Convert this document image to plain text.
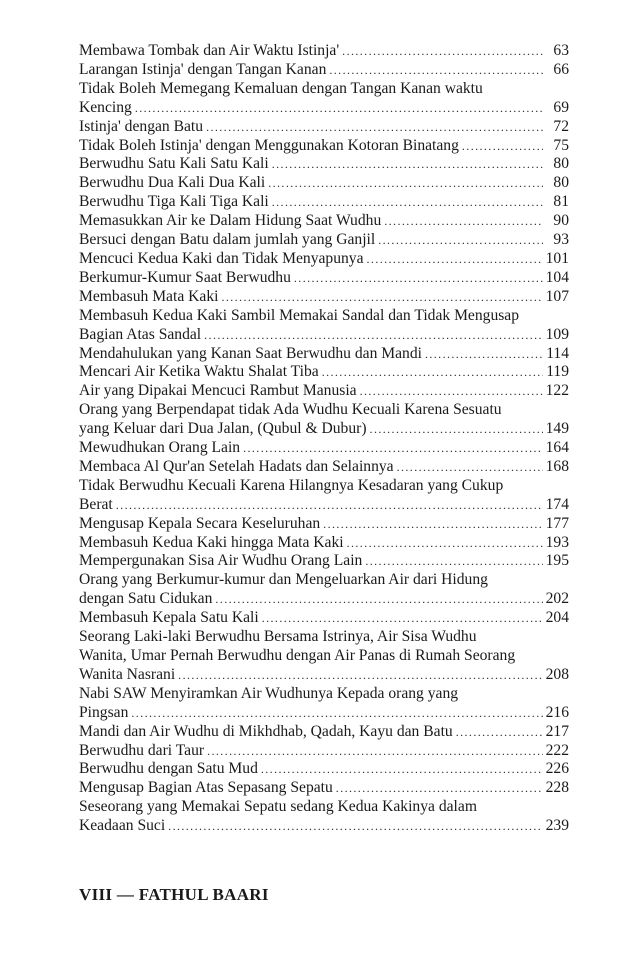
Membawa Tombak dan Air Waktu Istinja' .....	63
Larangan Istinja' dengan Tangan Kanan .....	66
Tidak Boleh Memegang Kemaluan dengan Tangan Kanan waktu
Kencing .....	69
Istinja' dengan Batu .....	72
Tidak Boleh Istinja' dengan Menggunakan Kotoran Binatang .....	75
Berwudhu Satu Kali Satu Kali .....	80
Berwudhu Dua Kali Dua Kali .....	80
Berwudhu Tiga Kali Tiga Kali .....	81
Memasukkan Air ke Dalam Hidung Saat Wudhu .....	90
Bersuci dengan Batu dalam jumlah yang Ganjil .....	93
Mencuci Kedua Kaki dan Tidak Menyapunya .....	101
Berkumur-Kumur Saat Berwudhu .....	104
Membasuh Mata Kaki .....	107
Membasuh Kedua Kaki Sambil Memakai Sandal dan Tidak Mengusap
Bagian Atas Sandal .....	109
Mendahulukan yang Kanan Saat Berwudhu dan Mandi .....	114
Mencari Air Ketika Waktu Shalat Tiba .....	119
Air yang Dipakai Mencuci Rambut Manusia .....	122
Orang yang Berpendapat tidak Ada Wudhu Kecuali Karena Sesuatu
yang Keluar dari Dua Jalan, (Qubul & Dubur) .....	149
Mewudhukan Orang Lain .....	164
Membaca Al Qur'an Setelah Hadats dan Selainnya .....	168
Tidak Berwudhu Kecuali Karena Hilangnya Kesadaran yang Cukup
Berat .....	174
Mengusap Kepala Secara Keseluruhan .....	177
Membasuh Kedua Kaki hingga Mata Kaki .....	193
Mempergunakan Sisa Air Wudhu Orang Lain .....	195
Orang yang Berkumur-kumur dan Mengeluarkan Air dari Hidung
dengan Satu Cidukan .....	202
Membasuh Kepala Satu Kali .....	204
Seorang Laki-laki Berwudhu Bersama Istrinya, Air Sisa Wudhu
Wanita, Umar Pernah Berwudhu dengan Air Panas di Rumah Seorang
Wanita Nasrani .....	208
Nabi SAW Menyiramkan Air Wudhunya Kepada orang yang
Pingsan .....	216
Mandi dan Air Wudhu di Mikhdhab, Qadah, Kayu dan Batu .....	217
Berwudhu dari Taur .....	222
Berwudhu dengan Satu Mud .....	226
Mengusap Bagian Atas Sepasang Sepatu .....	228
Seseorang yang Memakai Sepatu sedang Kedua Kakinya dalam
Keadaan Suci .....	239
VIII — FATHUL BAARI
